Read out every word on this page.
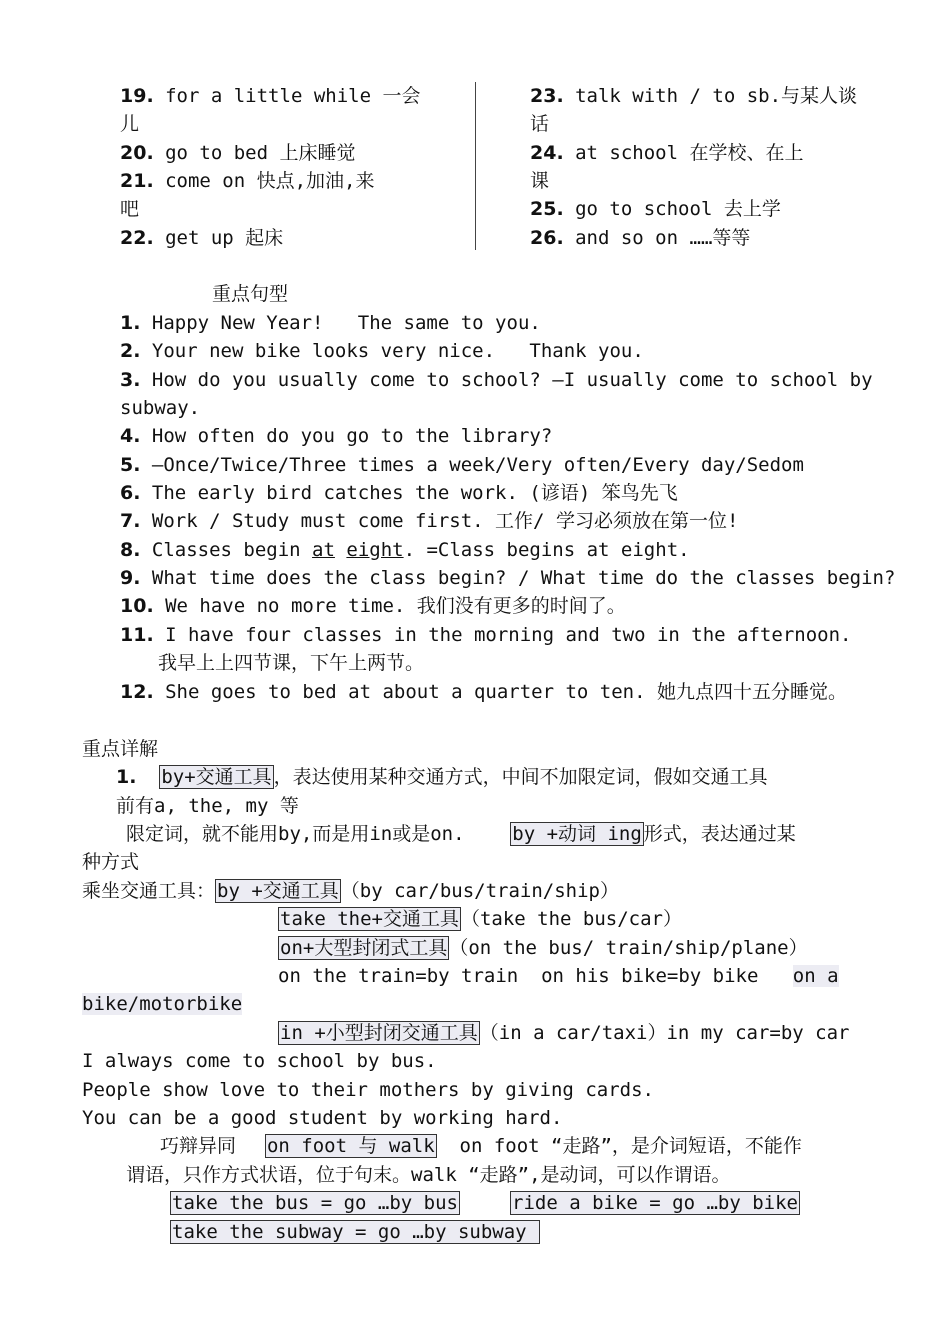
19. for a little while 一会
儿
20. go to bed 上床睡觉
21. come on 快点,加油,来
吧
22. get up 起床
23. talk with / to sb.与某人谈
话
24. at school 在学校、在上
课
25. go to school 去上学
26. and so on ……等等
重点句型
1. Happy New Year!   The same to you.
2. Your new bike looks very nice.   Thank you.
3. How do you usually come to school? —I usually come to school by
subway.
4. How often do you go to the library?
5. —Once/Twice/Three times a week/Very often/Every day/Sedom
6. The early bird catches the work. (谚语) 笨鸟先飞
7. Work / Study must come first. 工作/ 学习必须放在第一位!
8. Classes begin at eight. =Class begins at eight.
9. What time does the class begin? / What time do the classes begin?
10. We have no more time. 我们没有更多的时间了。
11. I have four classes in the morning and two in the afternoon.
我早上上四节课，下午上两节。
12. She goes to bed at about a quarter to ten. 她九点四十五分睡觉。
重点详解
1. by+交通工具 ，表达使用某种交通方式，中间不加限定词，假如交通工具
前有a, the, my 等
限定词，就不能用by,而是用in或是on.    by +动词 ing 形式，表达通过某
种方式
乘坐交通工具： by +交通工具 （by car/bus/train/ship）
take the+交通工具 （take the bus/car）
on+大型封闭式工具 （on the bus/ train/ship/plane）
on the train=by train  on his bike=by bike   on a
bike/motorbike
in +小型封闭交通工具 （in a car/taxi）in my car=by car
I always come to school by bus.
People show love to their mothers by giving cards.
You can be a good student by working hard.
巧辩异同   on foot 与 walk  on foot “走路”，是介词短语，不能作
谓语，只作方式状语，位于句末。walk “走路”,是动词，可以作谓语。
take the bus = go …by bus	ride a bike = go …by bike
take the subway = go …by subway
